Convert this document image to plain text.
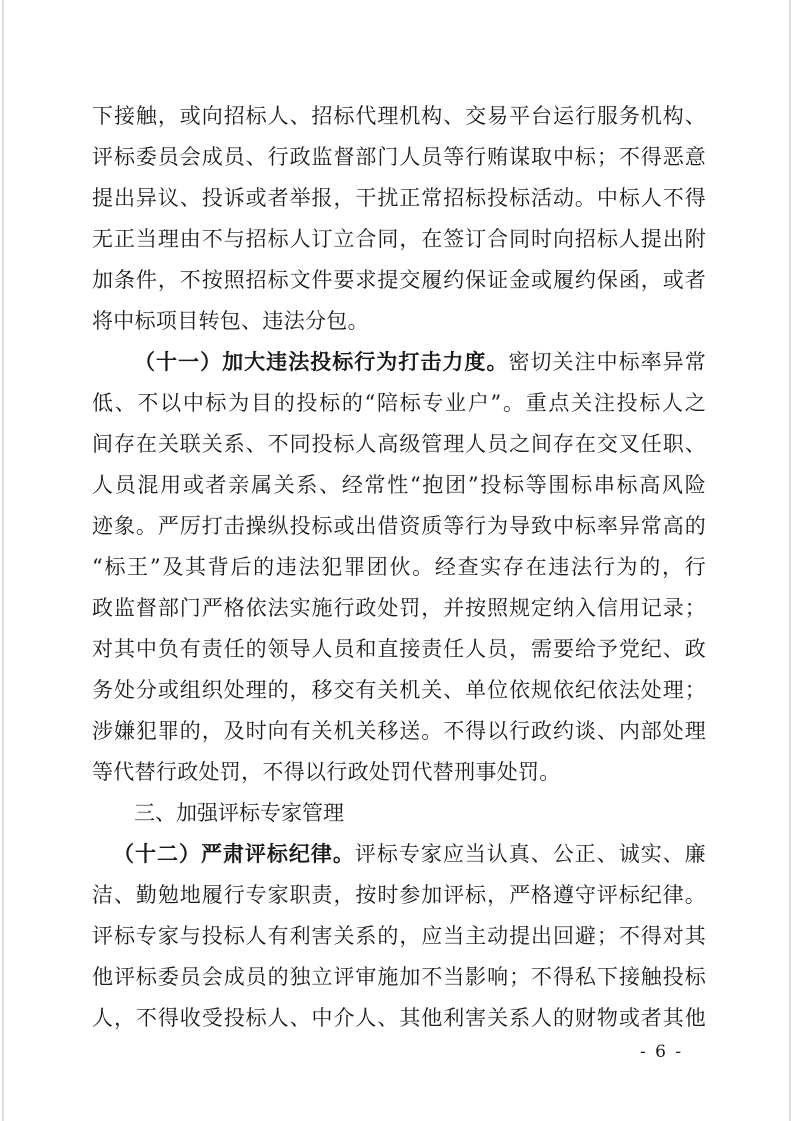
下接触，或向招标人、招标代理机构、交易平台运行服务机构、
评标委员会成员、行政监督部门人员等行贿谋取中标；不得恶意
提出异议、投诉或者举报，干扰正常招标投标活动。中标人不得
无正当理由不与招标人订立合同，在签订合同时向招标人提出附
加条件，不按照招标文件要求提交履约保证金或履约保函，或者
将中标项目转包、违法分包。
（十一）加大违法投标行为打击力度。密切关注中标率异常
低、不以中标为目的投标的“陪标专业户”。重点关注投标人之
间存在关联关系、不同投标人高级管理人员之间存在交叉任职、
人员混用或者亲属关系、经常性“抱团”投标等围标串标高风险
迹象。严厉打击操纵投标或出借资质等行为导致中标率异常高的
“标王”及其背后的违法犯罪团伙。经查实存在违法行为的，行
政监督部门严格依法实施行政处罚，并按照规定纳入信用记录；
对其中负有责任的领导人员和直接责任人员，需要给予党纪、政
务处分或组织处理的，移交有关机关、单位依规依纪依法处理；
涉嫌犯罪的，及时向有关机关移送。不得以行政约谈、内部处理
等代替行政处罚，不得以行政处罚代替刑事处罚。
三、加强评标专家管理
（十二）严肃评标纪律。评标专家应当认真、公正、诚实、廉
洁、勤勉地履行专家职责，按时参加评标，严格遵守评标纪律。
评标专家与投标人有利害关系的，应当主动提出回避；不得对其
他评标委员会成员的独立评审施加不当影响；不得私下接触投标
人，不得收受投标人、中介人、其他利害关系人的财物或者其他
- 6 -
